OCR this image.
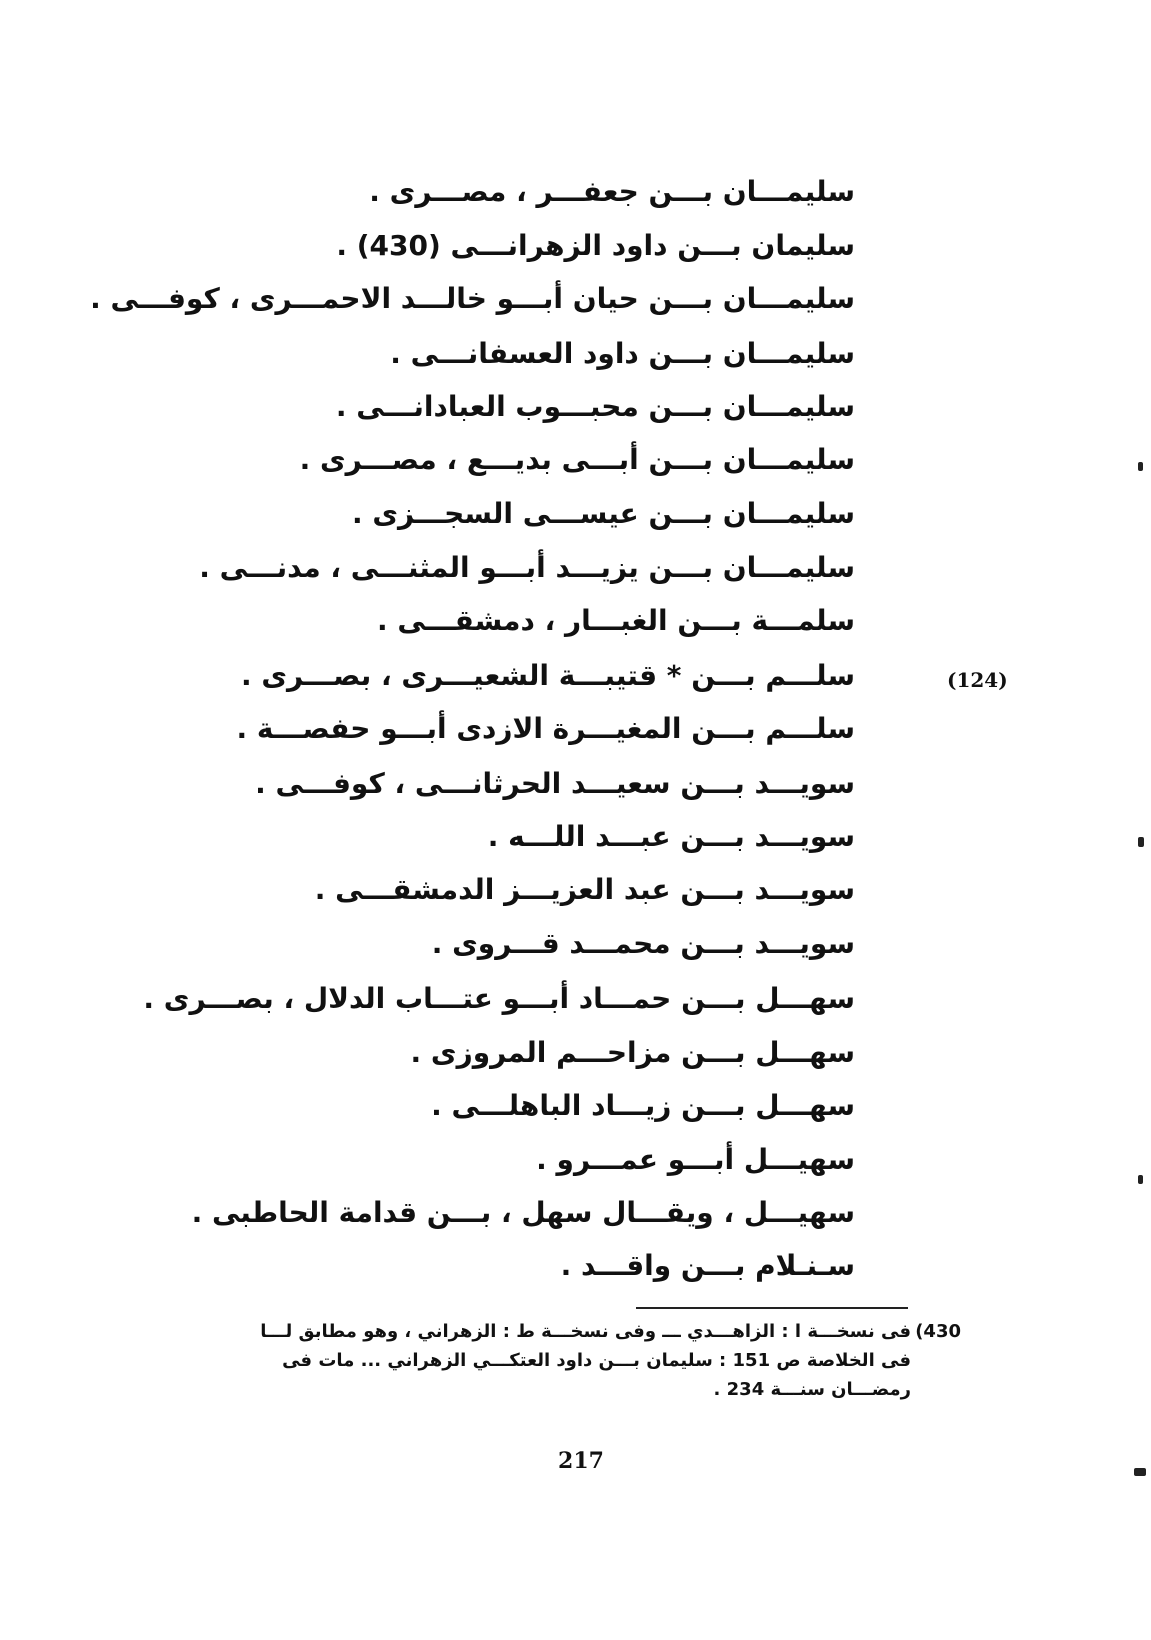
سليمـــان بـــن جعفـــر ، مصـــرى .
سليمان بـــن داود الزهرانـــى (430) .
سليمـــان بـــن حيان أبـــو خالـــد الاحمـــرى ، كوفـــى .
سليمـــان بـــن داود العسفانـــى .
سليمـــان بـــن محبـــوب العبادانـــى .
سليمـــان بـــن أبـــى بديـــع ، مصـــرى .
سليمـــان بـــن عيســـى السجـــزى .
سليمـــان بـــن يزيـــد أبـــو المثنـــى ، مدنـــى .
سلمـــة بـــن الغبـــار ، دمشقـــى .
سلـــم بـــن * قتيبـــة الشعيـــرى ، بصـــرى .
سلـــم بـــن المغيـــرة الازدى أبـــو حفصـــة .
سويـــد بـــن سعيـــد الحرثانـــى ، كوفـــى .
سويـــد بـــن عبـــد اللـــه .
سويـــد بـــن عبد العزيـــز الدمشقـــى .
سويـــد بـــن محمـــد قـــروى .
سهـــل بـــن حمـــاد أبـــو عتـــاب الدلال ، بصـــرى .
سهـــل بـــن مزاحـــم المروزى .
سهـــل بـــن زيـــاد الباهلـــى .
سهيـــل أبـــو عمـــرو .
سهيـــل ، ويقـــال سهل ، بـــن قدامة الحاطبى .
سـنـلام بـــن واقـــد .
(124)
(430
فى نسخـــة ا : الزاهـــدي ـــ وفى نسخـــة ط : الزهراني ، وهو مطابق لـــا
فى الخلاصة ص 151 : سليمان بـــن داود العتكـــي الزهراني ... مات فى
رمضـــان سنـــة 234 .
217
